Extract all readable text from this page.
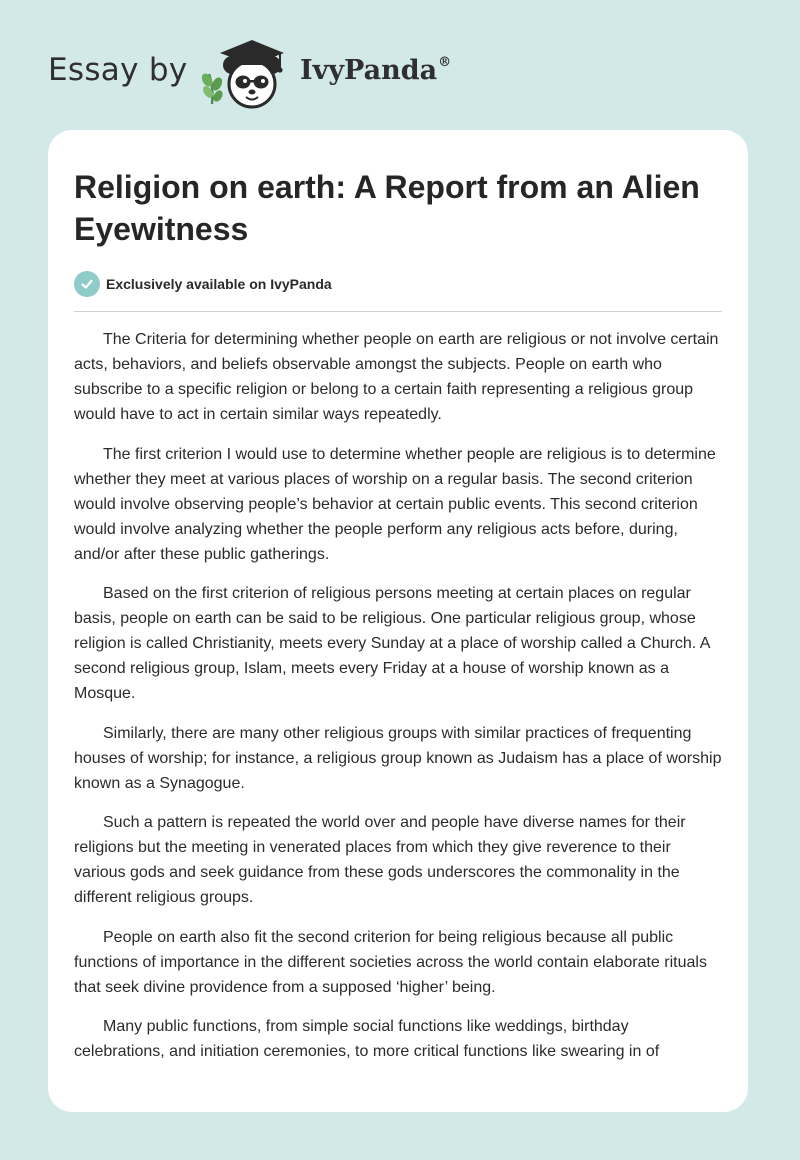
Essay by	IvyPanda®
Religion on earth: A Report from an Alien Eyewitness
Exclusively available on IvyPanda

The Criteria for determining whether people on earth are religious or not involve certain acts, behaviors, and beliefs observable amongst the subjects. People on earth who subscribe to a specific religion or belong to a certain faith representing a religious group would have to act in certain similar ways repeatedly.

The first criterion I would use to determine whether people are religious is to determine whether they meet at various places of worship on a regular basis. The second criterion would involve observing people’s behavior at certain public events. This second criterion would involve analyzing whether the people perform any religious acts before, during, and/or after these public gatherings.

Based on the first criterion of religious persons meeting at certain places on regular basis, people on earth can be said to be religious. One particular religious group, whose religion is called Christianity, meets every Sunday at a place of worship called a Church. A second religious group, Islam, meets every Friday at a house of worship known as a Mosque.

Similarly, there are many other religious groups with similar practices of frequenting houses of worship; for instance, a religious group known as Judaism has a place of worship known as a Synagogue.

Such a pattern is repeated the world over and people have diverse names for their religions but the meeting in venerated places from which they give reverence to their various gods and seek guidance from these gods underscores the commonality in the different religious groups.

People on earth also fit the second criterion for being religious because all public functions of importance in the different societies across the world contain elaborate rituals that seek divine providence from a supposed ‘higher’ being.

Many public functions, from simple social functions like weddings, birthday celebrations, and initiation ceremonies, to more critical functions like swearing in of
